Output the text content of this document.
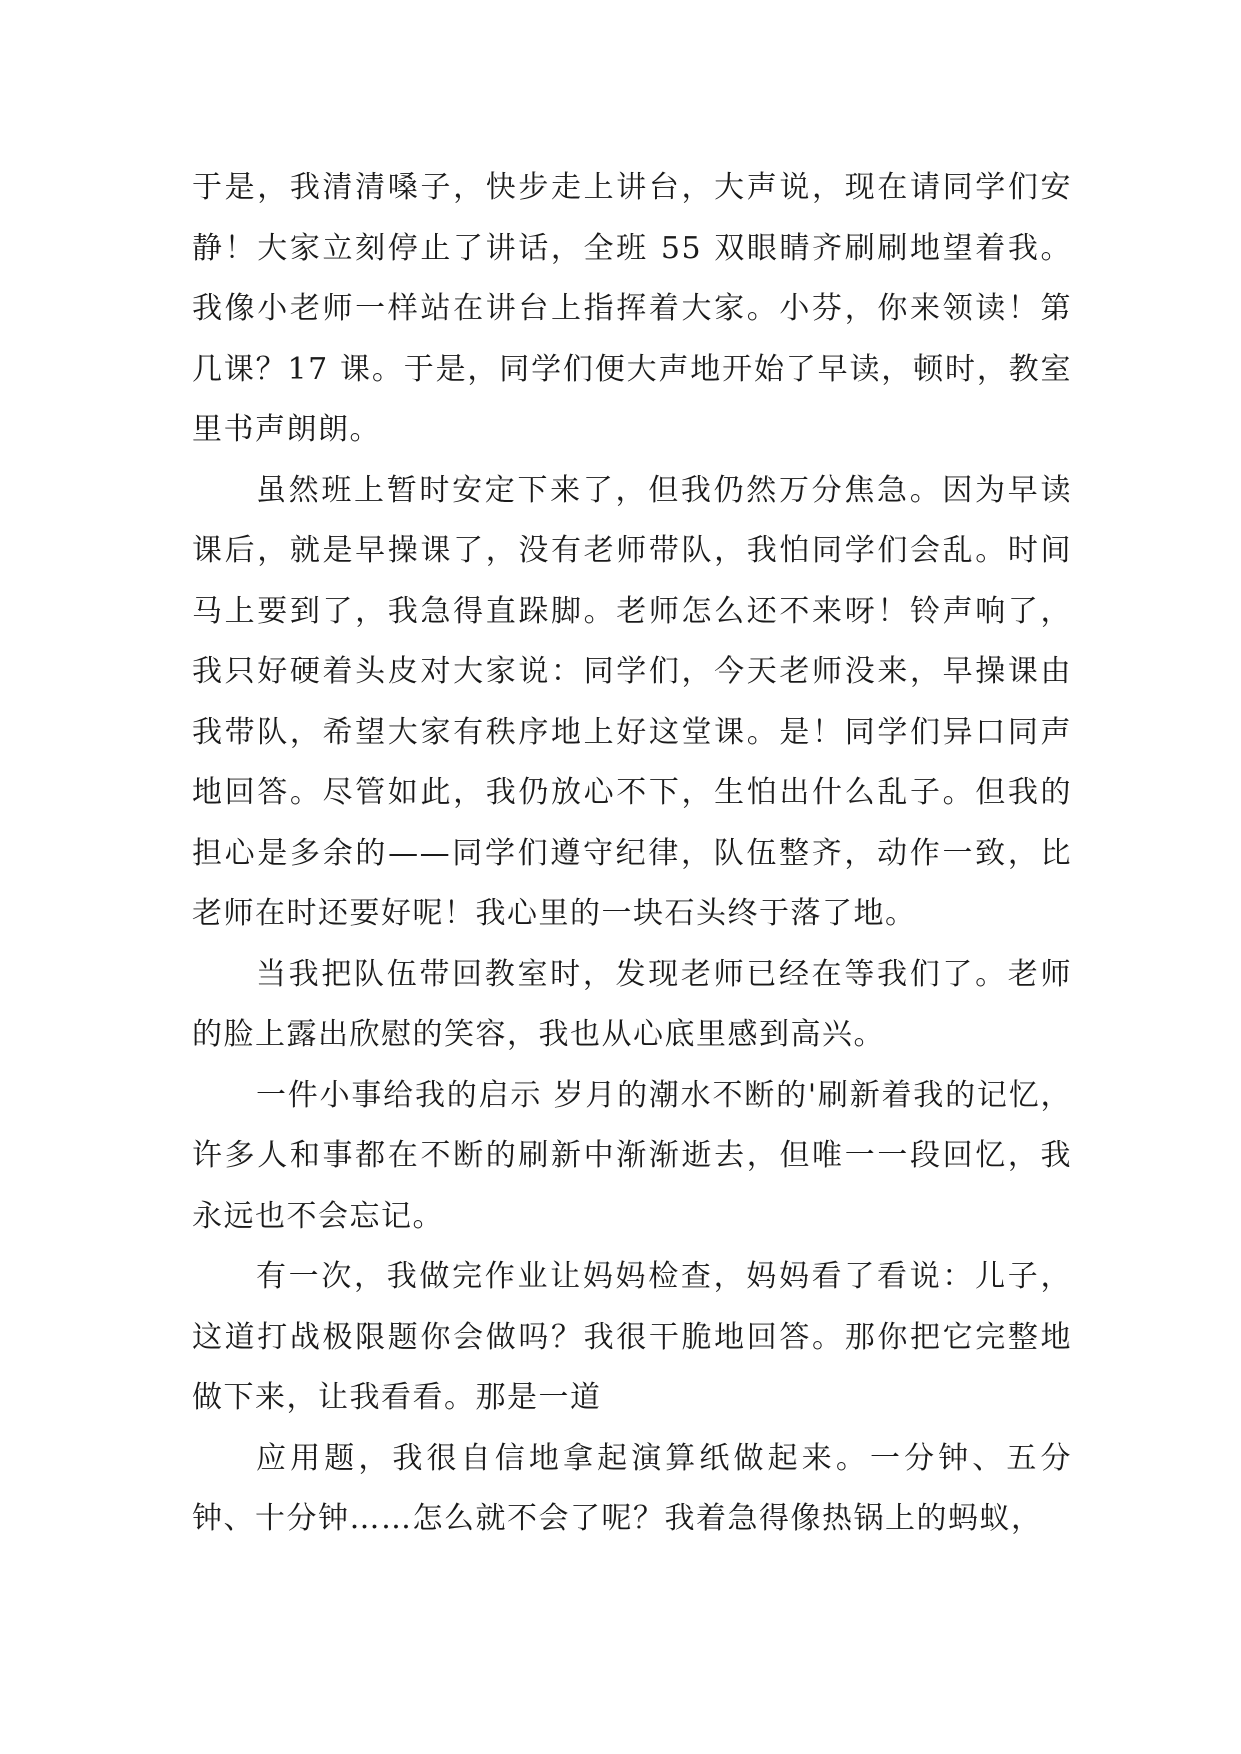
于是，我清清嗓子，快步走上讲台，大声说，现在请同学们安静！大家立刻停止了讲话，全班 55 双眼睛齐刷刷地望着我。我像小老师一样站在讲台上指挥着大家。小芬，你来领读！第几课？17 课。于是，同学们便大声地开始了早读，顿时，教室里书声朗朗。

虽然班上暂时安定下来了，但我仍然万分焦急。因为早读课后，就是早操课了，没有老师带队，我怕同学们会乱。时间马上要到了，我急得直跺脚。老师怎么还不来呀！铃声响了，我只好硬着头皮对大家说：同学们，今天老师没来，早操课由我带队，希望大家有秩序地上好这堂课。是！同学们异口同声地回答。尽管如此，我仍放心不下，生怕出什么乱子。但我的担心是多余的——同学们遵守纪律，队伍整齐，动作一致，比老师在时还要好呢！我心里的一块石头终于落了地。

当我把队伍带回教室时，发现老师已经在等我们了。老师的脸上露出欣慰的笑容，我也从心底里感到高兴。

一件小事给我的启示 岁月的潮水不断的'刷新着我的记忆，许多人和事都在不断的刷新中渐渐逝去，但唯一一段回忆，我永远也不会忘记。

有一次，我做完作业让妈妈检查，妈妈看了看说：儿子，这道打战极限题你会做吗？我很干脆地回答。那你把它完整地做下来，让我看看。那是一道

应用题，我很自信地拿起演算纸做起来。一分钟、五分钟、十分钟……怎么就不会了呢？我着急得像热锅上的蚂蚁，
